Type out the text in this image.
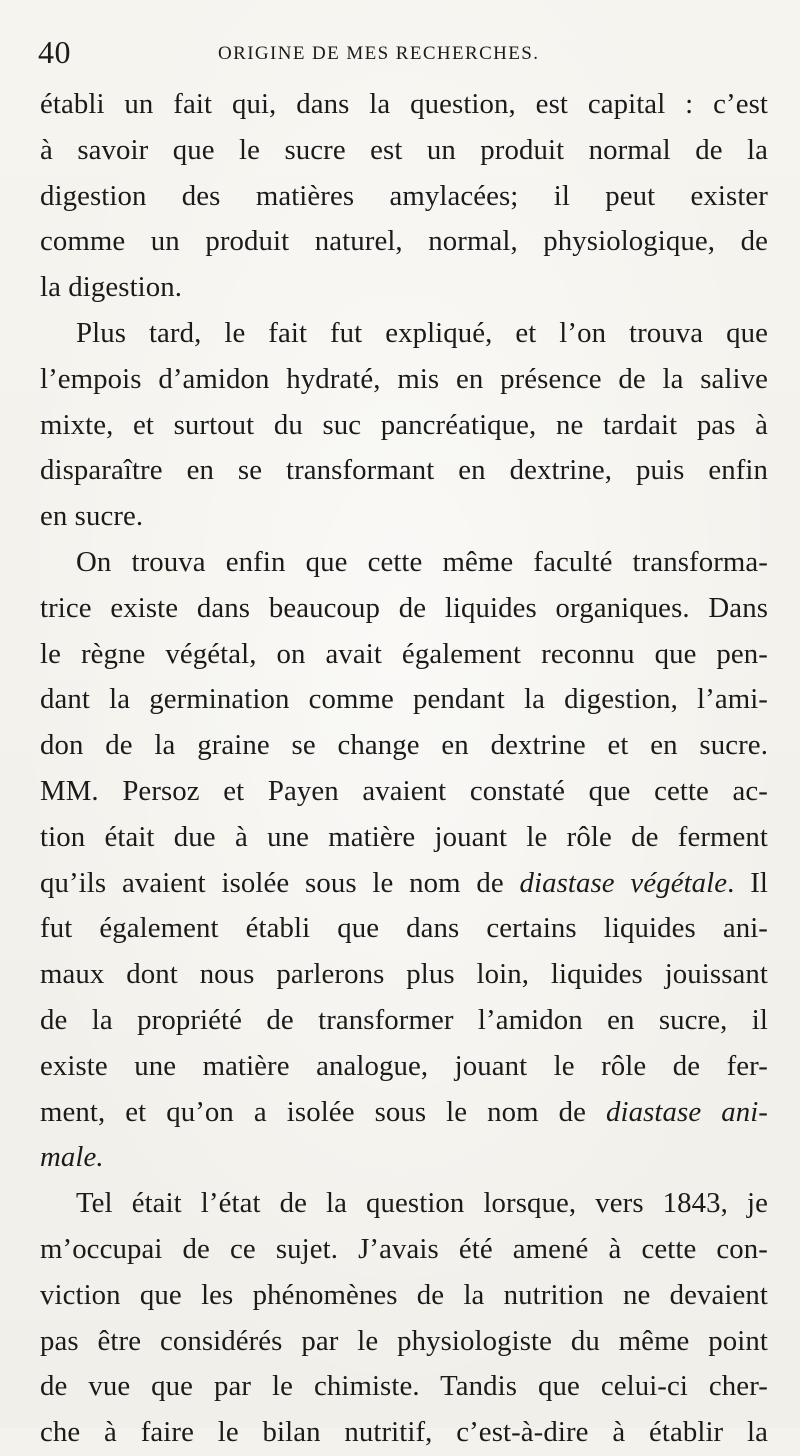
40	ORIGINE DE MES RECHERCHES.
établi un fait qui, dans la question, est capital : c’est
à savoir que le sucre est un produit normal de la
digestion des matières amylacées; il peut exister
comme un produit naturel, normal, physiologique, de
la digestion.
Plus tard, le fait fut expliqué, et l’on trouva que
l’empois d’amidon hydraté, mis en présence de la salive
mixte, et surtout du suc pancréatique, ne tardait pas à
disparaître en se transformant en dextrine, puis enfin
en sucre.
On trouva enfin que cette même faculté transforma-
trice existe dans beaucoup de liquides organiques. Dans
le règne végétal, on avait également reconnu que pen-
dant la germination comme pendant la digestion, l’ami-
don de la graine se change en dextrine et en sucre.
MM. Persoz et Payen avaient constaté que cette ac-
tion était due à une matière jouant le rôle de ferment
qu’ils avaient isolée sous le nom de diastase végétale. Il
fut également établi que dans certains liquides ani-
maux dont nous parlerons plus loin, liquides jouissant
de la propriété de transformer l’amidon en sucre, il
existe une matière analogue, jouant le rôle de fer-
ment, et qu’on a isolée sous le nom de diastase ani-
male.
Tel était l’état de la question lorsque, vers 1843, je
m’occupai de ce sujet. J’avais été amené à cette con-
viction que les phénomènes de la nutrition ne devaient
pas être considérés par le physiologiste du même point
de vue que par le chimiste. Tandis que celui-ci cher-
che à faire le bilan nutritif, c’est-à-dire à établir la
